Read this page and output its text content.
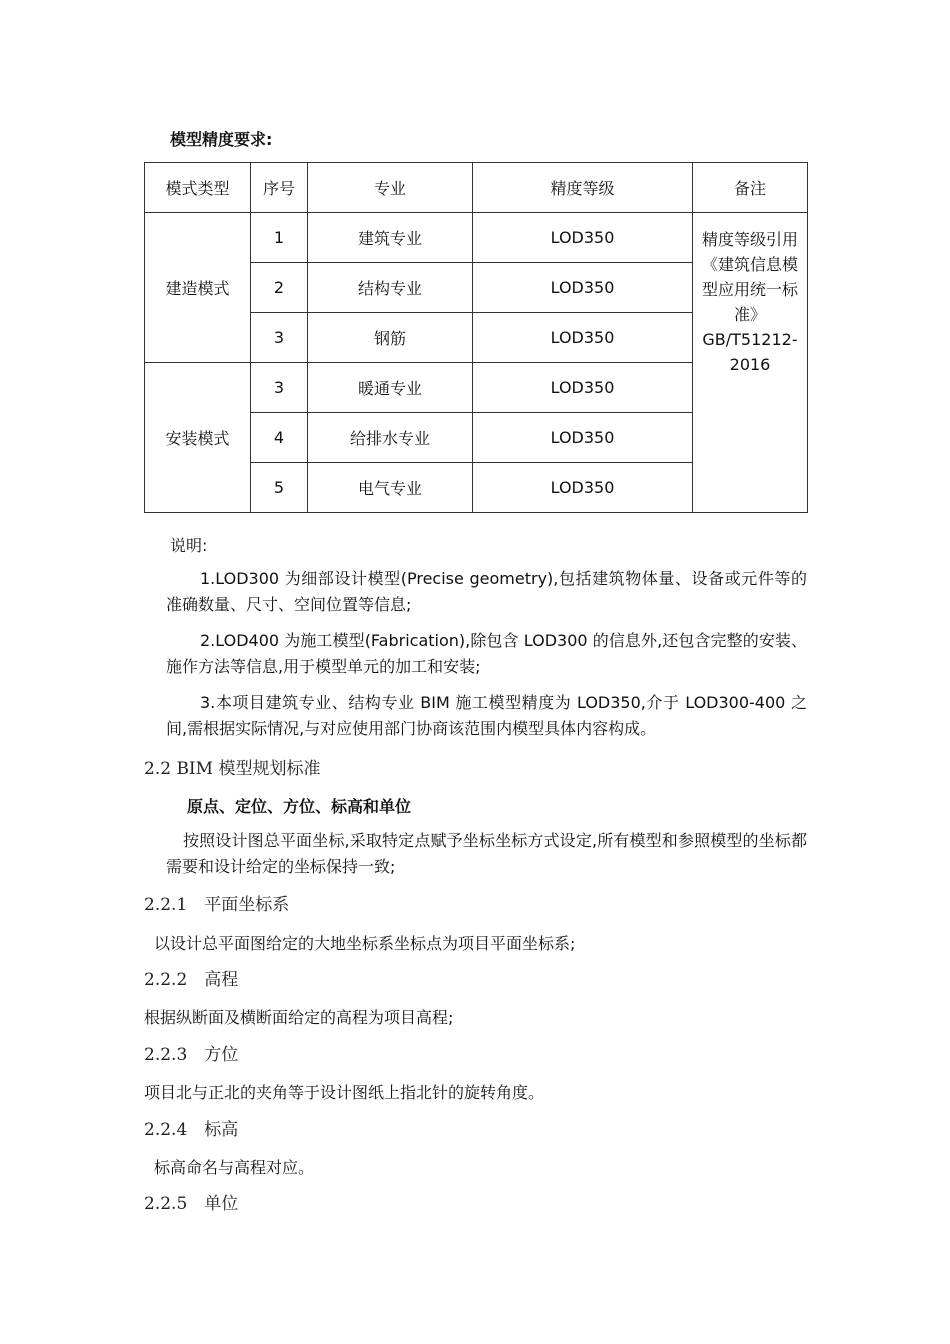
模型精度要求:
模式类型	序号	专业	精度等级	备注
建造模式	1	建筑专业	LOD350	精度等级引用《建筑信息模型应用统一标准》GB/T51212-2016
	2	结构专业	LOD350	
	3	钢筋	LOD350	
安装模式	3	暖通专业	LOD350	
	4	给排水专业	LOD350	
	5	电气专业	LOD350	
说明:
1.LOD300 为细部设计模型(Precise geometry),包括建筑物体量、设备或元件等的准确数量、尺寸、空间位置等信息;
2.LOD400 为施工模型(Fabrication),除包含 LOD300 的信息外,还包含完整的安装、施作方法等信息,用于模型单元的加工和安装;
3.本项目建筑专业、结构专业 BIM 施工模型精度为 LOD350,介于 LOD300-400 之间,需根据实际情况,与对应使用部门协商该范围内模型具体内容构成。
2.2 BIM 模型规划标准
原点、定位、方位、标高和单位
按照设计图总平面坐标,采取特定点赋予坐标坐标方式设定,所有模型和参照模型的坐标都需要和设计给定的坐标保持一致;
2.2.1　平面坐标系
以设计总平面图给定的大地坐标系坐标点为项目平面坐标系;
2.2.2　高程
根据纵断面及横断面给定的高程为项目高程;
2.2.3　方位
项目北与正北的夹角等于设计图纸上指北针的旋转角度。
2.2.4　标高
标高命名与高程对应。
2.2.5　单位
